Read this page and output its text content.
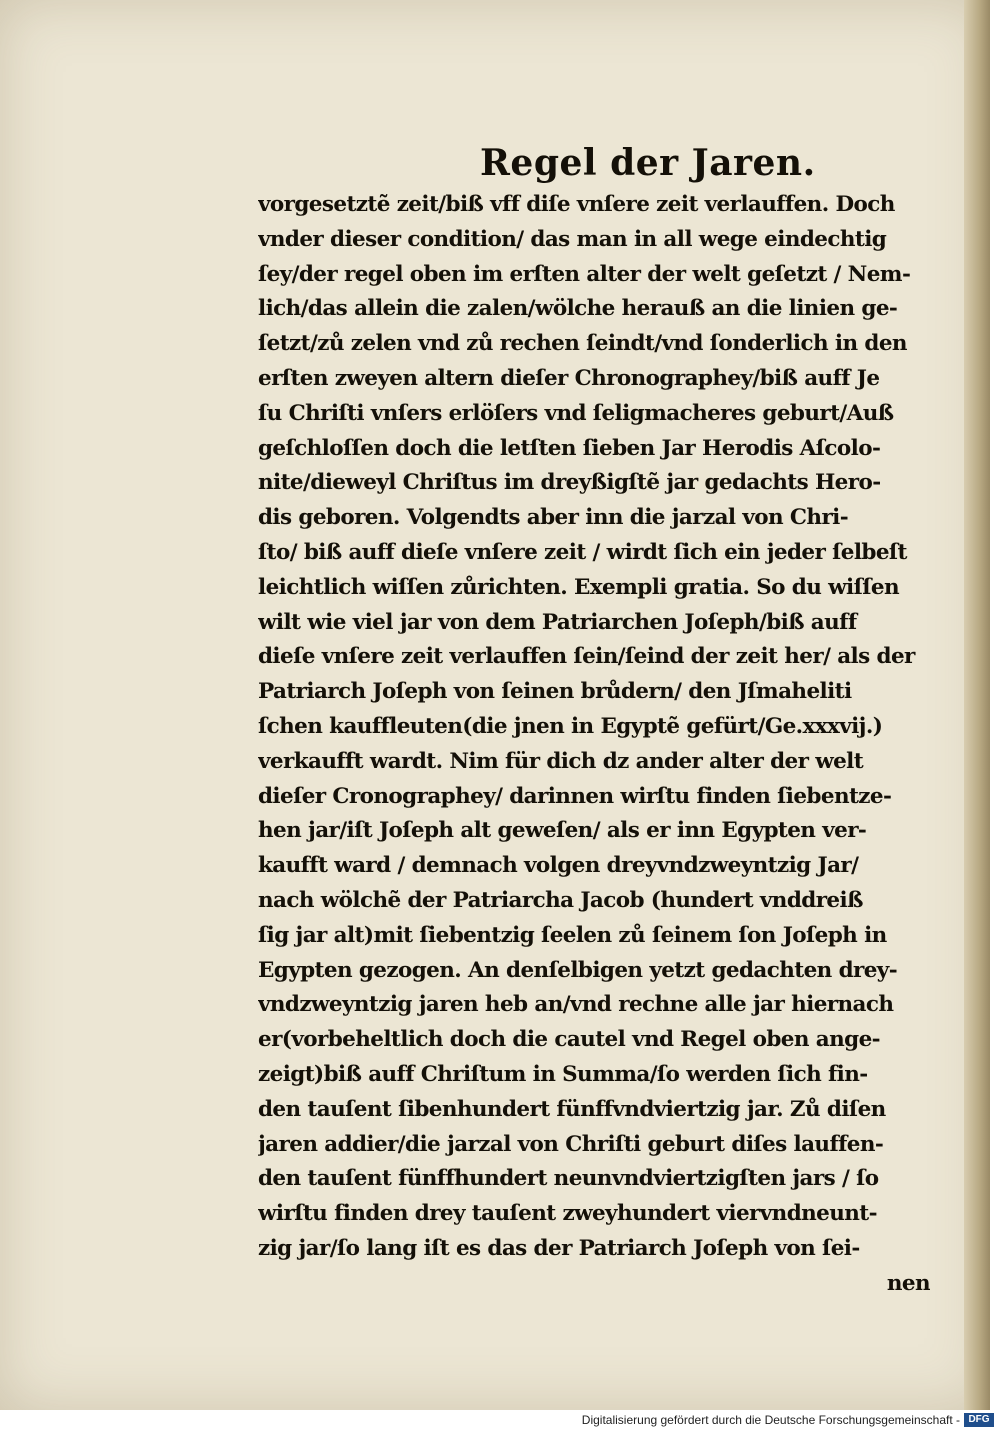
Regel der Jaren.
vorgesetztẽ zeit/biß vff diſe vnſere zeit verlauffen. Doch
vnder dieser condition/ das man in all wege eindechtig
ſey/der regel oben im erſten alter der welt geſetzt / Nem-
lich/das allein die zalen/wölche herauß an die linien ge-
ſetzt/zů zelen vnd zů rechen ſeindt/vnd ſonderlich in den
erſten zweyen altern dieſer Chronographey/biß auff Je
ſu Chriſti vnſers erlöſers vnd ſeligmacheres geburt/Auß
geſchloſſen doch die letſten ſieben Jar Herodis Aſcolo-
nite/dieweyl Chriſtus im dreyßigſtẽ jar gedachts Hero-
dis geboren. Volgendts aber inn die jarzal von Chri-
ſto/ biß auff dieſe vnſere zeit / wirdt ſich ein jeder ſelbeſt
leichtlich wiſſen zůrichten. Exempli gratia. So du wiſſen
wilt wie viel jar von dem Patriarchen Joſeph/biß auff
dieſe vnſere zeit verlauffen ſein/ſeind der zeit her/ als der
Patriarch Joſeph von ſeinen brůdern/ den Jſmaheliti
ſchen kauffleuten(die jnen in Egyptẽ gefürt/Ge.xxxvij.)
verkaufft wardt. Nim für dich dz ander alter der welt
dieſer Cronographey/ darinnen wirſtu finden ſiebentze-
hen jar/iſt Joſeph alt geweſen/ als er inn Egypten ver-
kaufft ward / demnach volgen dreyvndzweyntzig Jar/
nach wölchẽ der Patriarcha Jacob (hundert vnddreiß
ſig jar alt)mit ſiebentzig ſeelen zů ſeinem ſon Joſeph in
Egypten gezogen. An denſelbigen yetzt gedachten drey-
vndzweyntzig jaren heb an/vnd rechne alle jar hiernach
er(vorbeheltlich doch die cautel vnd Regel oben ange-
zeigt)biß auff Chriſtum in Summa/ſo werden ſich fin-
den tauſent ſibenhundert fünffvndviertzig jar. Zů diſen
jaren addier/die jarzal von Chriſti geburt diſes lauffen-
den tauſent fünffhundert neunvndviertzigſten jars / ſo
wirſtu finden drey tauſent zweyhundert viervndneunt-
zig jar/ſo lang iſt es das der Patriarch Joſeph von ſei-
nen
Digitalisierung gefördert durch die Deutsche Forschungsgemeinschaft - DFG
